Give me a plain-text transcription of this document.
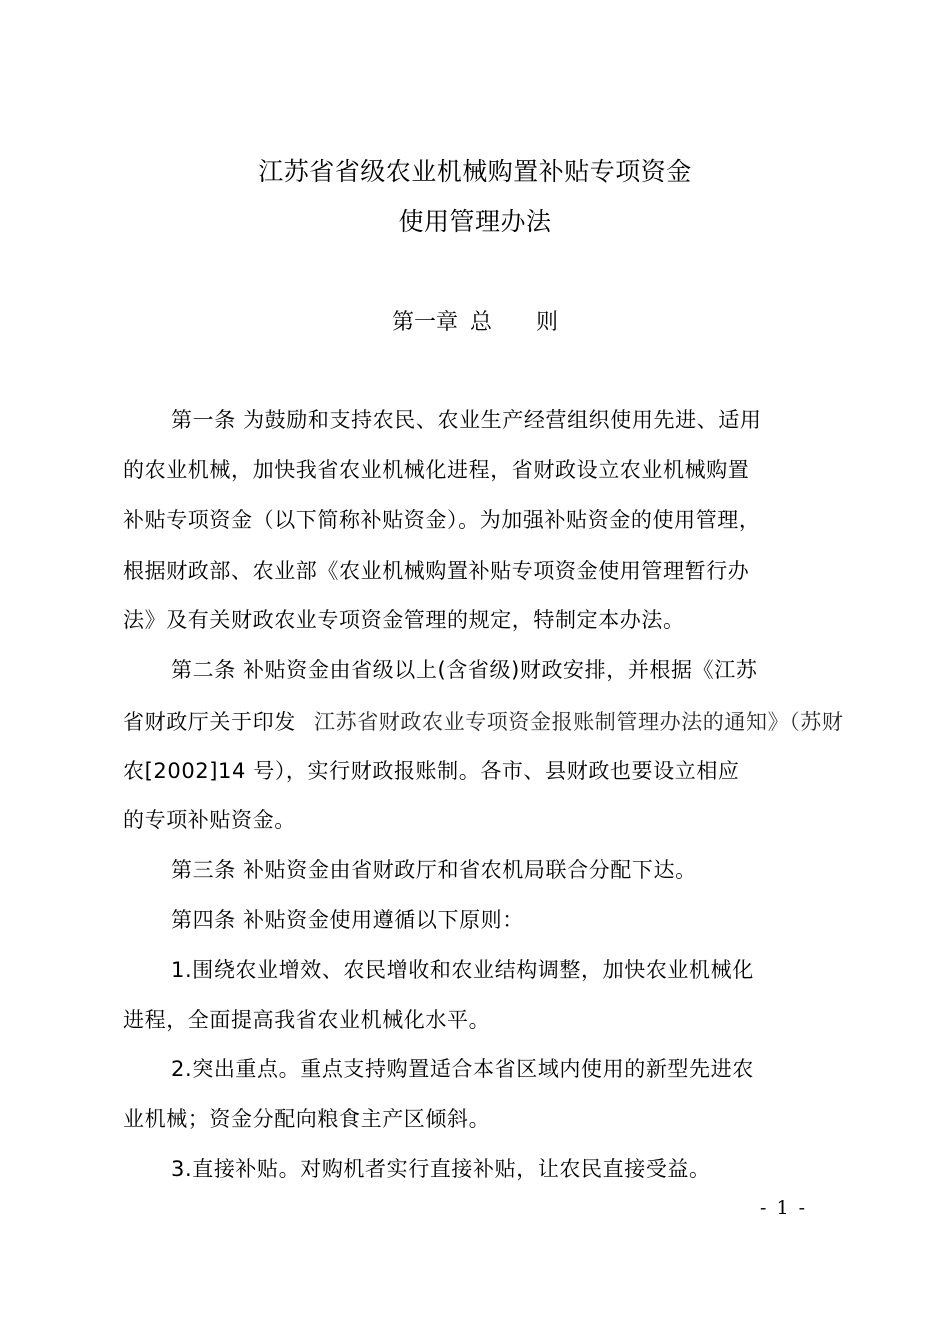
江苏省省级农业机械购置补贴专项资金
使用管理办法
第一章 总 则
第一条 为鼓励和支持农民、农业生产经营组织使用先进、适用
的农业机械，加快我省农业机械化进程，省财政设立农业机械购置
补贴专项资金（以下简称补贴资金）。为加强补贴资金的使用管理，
根据财政部、农业部《农业机械购置补贴专项资金使用管理暂行办
法》及有关财政农业专项资金管理的规定，特制定本办法。
第二条 补贴资金由省级以上(含省级)财政安排，并根据《江苏
省财政厅关于印发 江苏省财政农业专项资金报账制管理办法的通知》（苏财
农[2002]14 号），实行财政报账制。各市、县财政也要设立相应
的专项补贴资金。
第三条 补贴资金由省财政厅和省农机局联合分配下达。
第四条 补贴资金使用遵循以下原则：
1.围绕农业增效、农民增收和农业结构调整，加快农业机械化
进程，全面提高我省农业机械化水平。
2.突出重点。重点支持购置适合本省区域内使用的新型先进农
业机械；资金分配向粮食主产区倾斜。
3.直接补贴。对购机者实行直接补贴，让农民直接受益。
- 1 -
